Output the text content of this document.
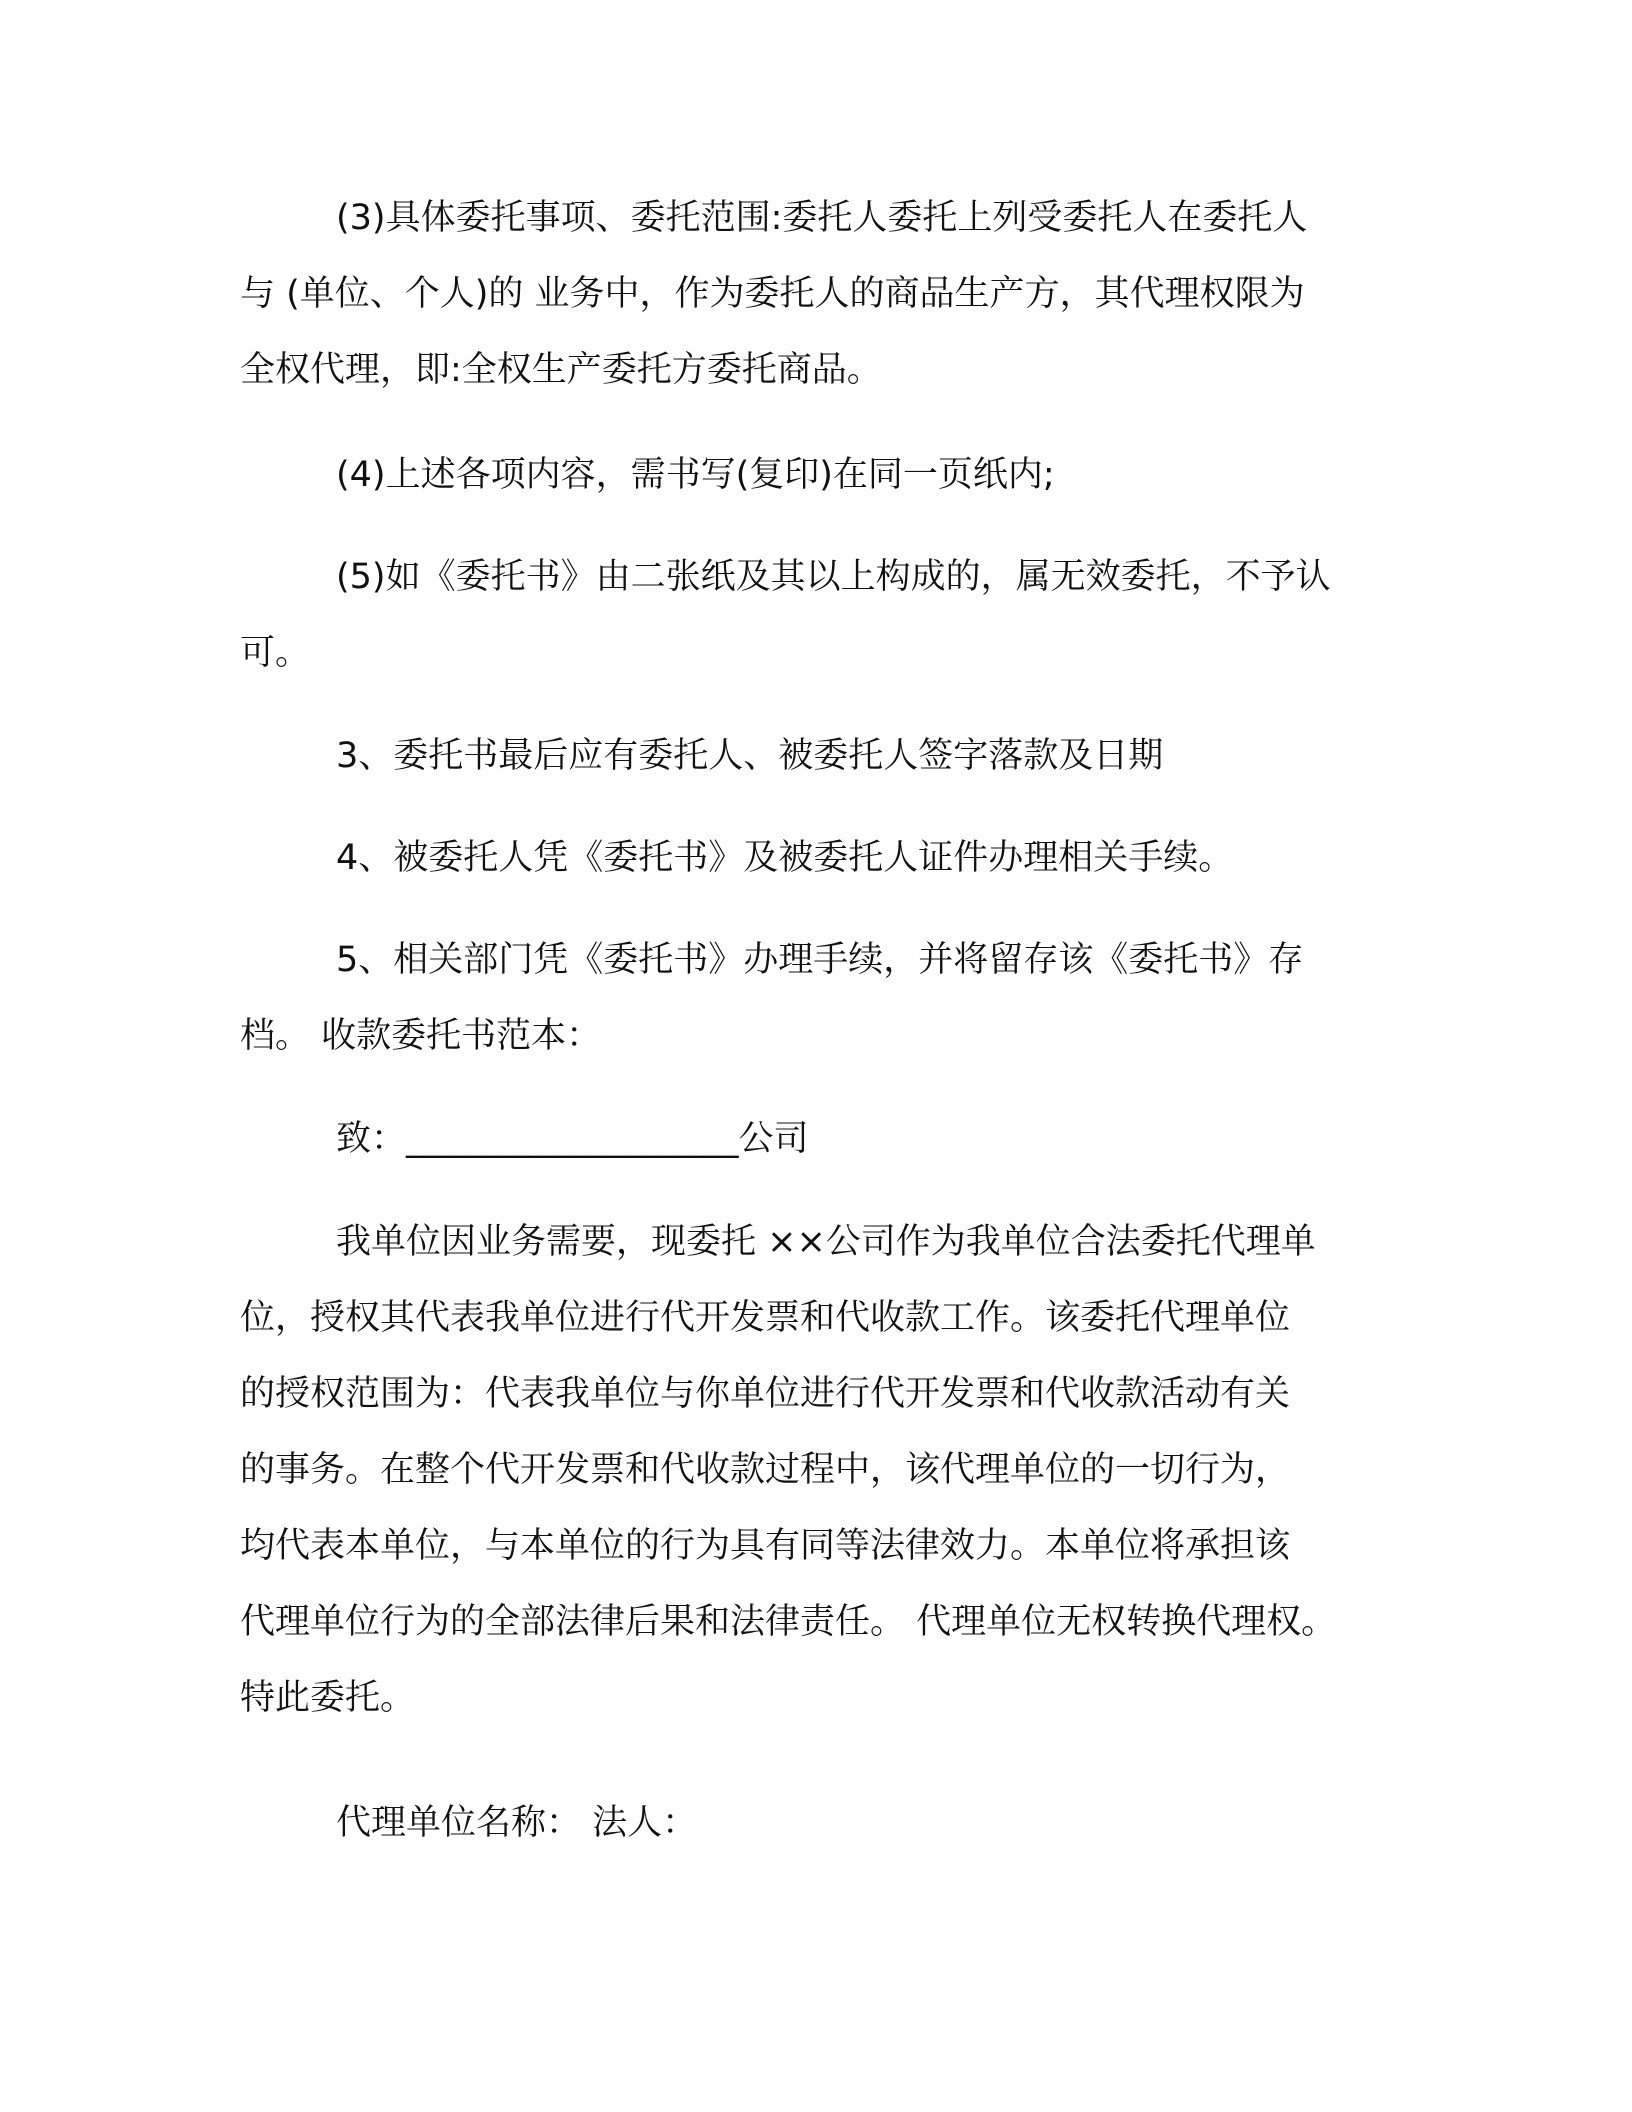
(3)具体委托事项、委托范围:委托人委托上列受委托人在委托人
与 (单位、个人)的 业务中，作为委托人的商品生产方，其代理权限为
全权代理，即:全权生产委托方委托商品。
(4)上述各项内容，需书写(复印)在同一页纸内;
(5)如《委托书》由二张纸及其以上构成的，属无效委托，不予认
可。
3、委托书最后应有委托人、被委托人签字落款及日期
4、被委托人凭《委托书》及被委托人证件办理相关手续。
5、相关部门凭《委托书》办理手续，并将留存该《委托书》存
档。 收款委托书范本：
致：___________________公司
我单位因业务需要，现委托 ××公司作为我单位合法委托代理单
位，授权其代表我单位进行代开发票和代收款工作。该委托代理单位
的授权范围为：代表我单位与你单位进行代开发票和代收款活动有关
的事务。在整个代开发票和代收款过程中，该代理单位的一切行为，
均代表本单位，与本单位的行为具有同等法律效力。本单位将承担该
代理单位行为的全部法律后果和法律责任。 代理单位无权转换代理权。
特此委托。
代理单位名称： 法人：
